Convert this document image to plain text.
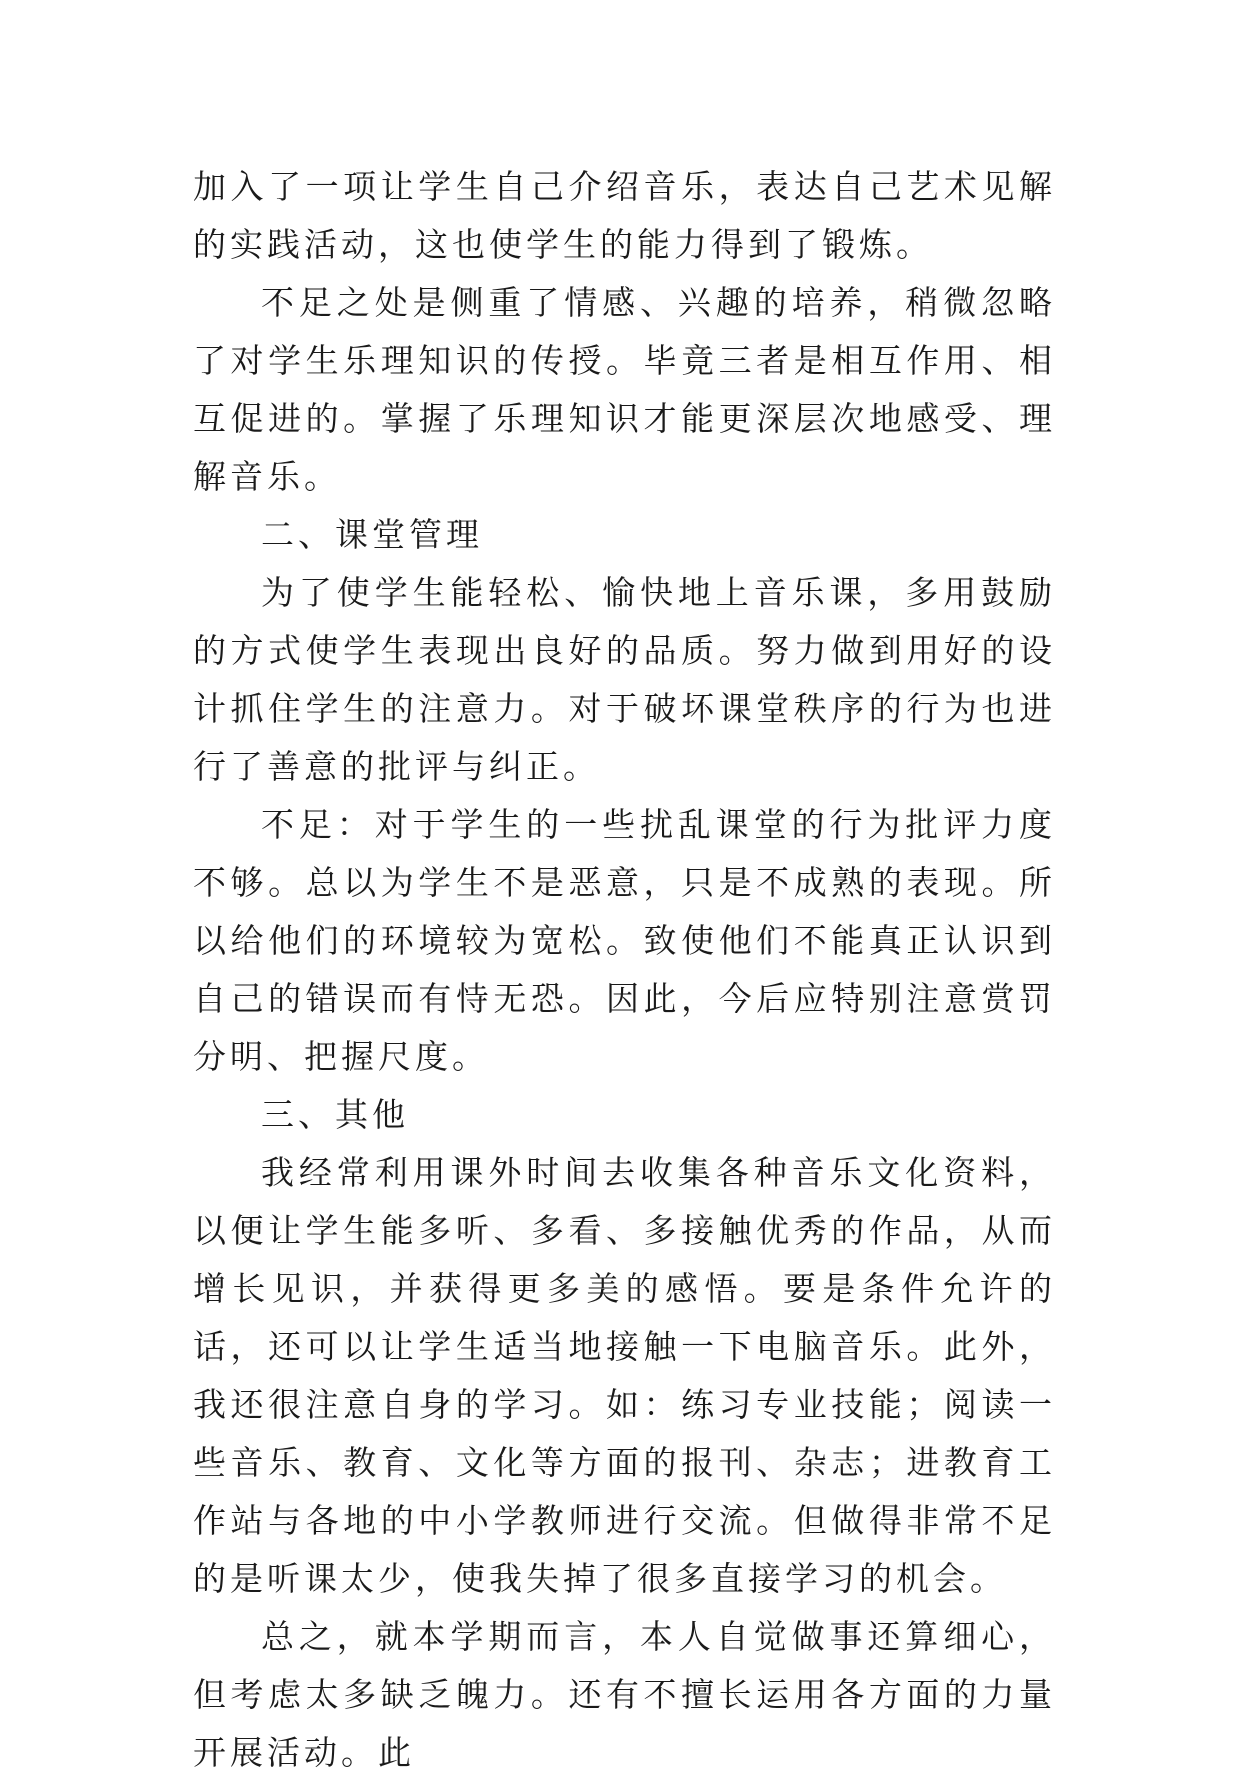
加入了一项让学生自己介绍音乐，表达自己艺术见解的实践活动，这也使学生的能力得到了锻炼。

不足之处是侧重了情感、兴趣的培养，稍微忽略了对学生乐理知识的传授。毕竟三者是相互作用、相互促进的。掌握了乐理知识才能更深层次地感受、理解音乐。

二、课堂管理

为了使学生能轻松、愉快地上音乐课，多用鼓励的方式使学生表现出良好的品质。努力做到用好的设计抓住学生的注意力。对于破坏课堂秩序的行为也进行了善意的批评与纠正。

不足：对于学生的一些扰乱课堂的行为批评力度不够。总以为学生不是恶意，只是不成熟的表现。所以给他们的环境较为宽松。致使他们不能真正认识到自己的错误而有恃无恐。因此，今后应特别注意赏罚分明、把握尺度。

三、其他

我经常利用课外时间去收集各种音乐文化资料，以便让学生能多听、多看、多接触优秀的作品，从而增长见识，并获得更多美的感悟。要是条件允许的话，还可以让学生适当地接触一下电脑音乐。此外，我还很注意自身的学习。如：练习专业技能；阅读一些音乐、教育、文化等方面的报刊、杂志；进教育工作站与各地的中小学教师进行交流。但做得非常不足的是听课太少，使我失掉了很多直接学习的机会。

总之，就本学期而言，本人自觉做事还算细心，但考虑太多缺乏魄力。还有不擅长运用各方面的力量开展活动。此
